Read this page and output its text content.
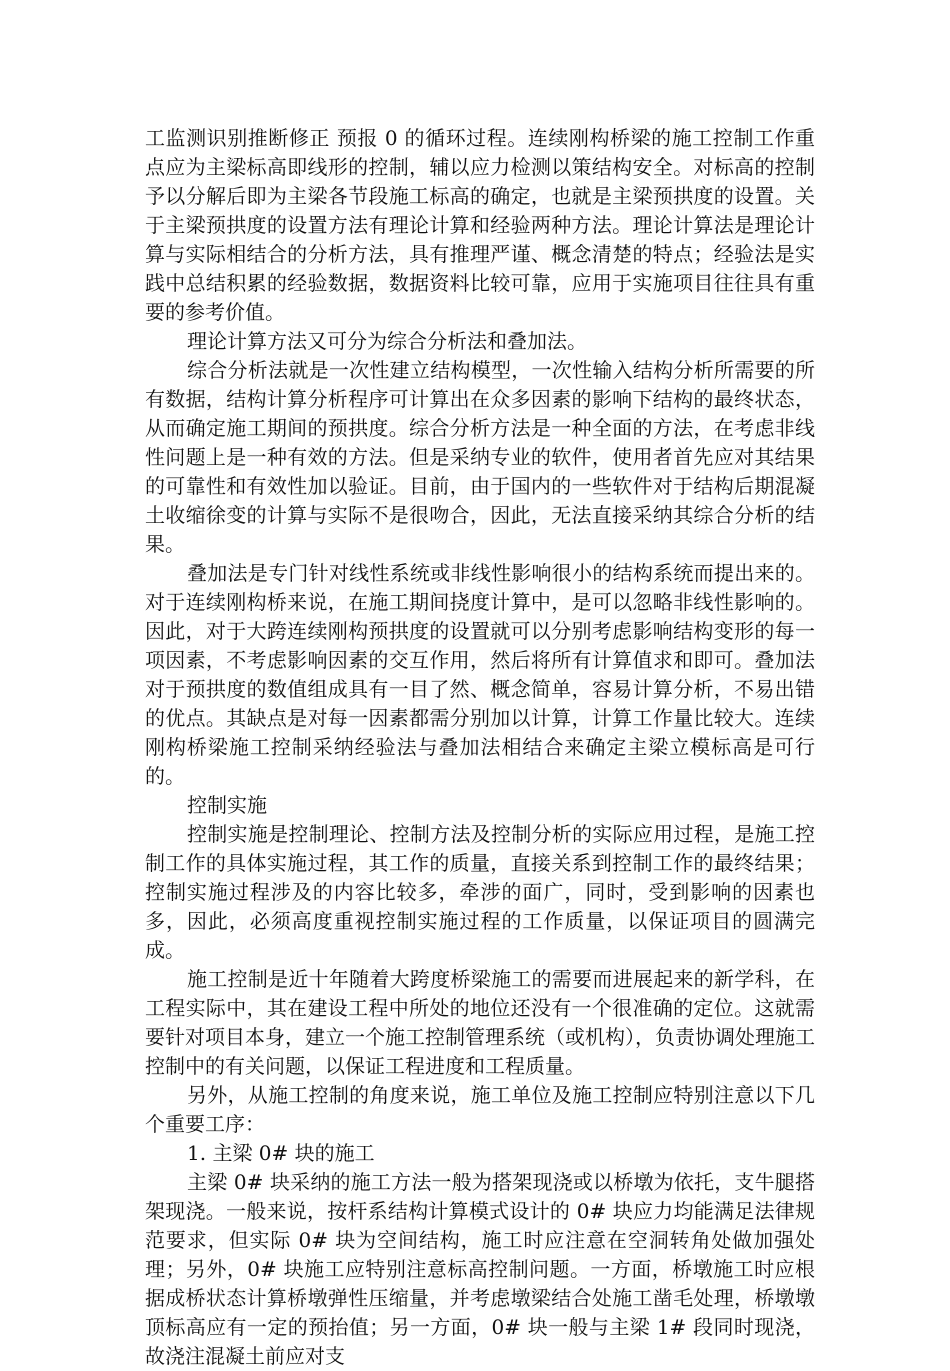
工监测识别推断修正 预报 0 的循环过程。连续刚构桥梁的施工控制工作重点应为主梁标高即线形的控制，辅以应力检测以策结构安全。对标高的控制予以分解后即为主梁各节段施工标高的确定，也就是主梁预拱度的设置。关于主梁预拱度的设置方法有理论计算和经验两种方法。理论计算法是理论计算与实际相结合的分析方法，具有推理严谨、概念清楚的特点；经验法是实践中总结积累的经验数据，数据资料比较可靠，应用于实施项目往往具有重要的参考价值。

理论计算方法又可分为综合分析法和叠加法。

综合分析法就是一次性建立结构模型，一次性输入结构分析所需要的所有数据，结构计算分析程序可计算出在众多因素的影响下结构的最终状态，从而确定施工期间的预拱度。综合分析方法是一种全面的方法，在考虑非线性问题上是一种有效的方法。但是采纳专业的软件，使用者首先应对其结果的可靠性和有效性加以验证。目前，由于国内的一些软件对于结构后期混凝土收缩徐变的计算与实际不是很吻合，因此，无法直接采纳其综合分析的结果。

叠加法是专门针对线性系统或非线性影响很小的结构系统而提出来的。对于连续刚构桥来说，在施工期间挠度计算中，是可以忽略非线性影响的。因此，对于大跨连续刚构预拱度的设置就可以分别考虑影响结构变形的每一项因素，不考虑影响因素的交互作用，然后将所有计算值求和即可。叠加法对于预拱度的数值组成具有一目了然、概念简单，容易计算分析，不易出错的优点。其缺点是对每一因素都需分别加以计算，计算工作量比较大。连续刚构桥梁施工控制采纳经验法与叠加法相结合来确定主梁立模标高是可行的。

控制实施

控制实施是控制理论、控制方法及控制分析的实际应用过程，是施工控制工作的具体实施过程，其工作的质量，直接关系到控制工作的最终结果；控制实施过程涉及的内容比较多，牵涉的面广，同时，受到影响的因素也多，因此，必须高度重视控制实施过程的工作质量，以保证项目的圆满完成。

施工控制是近十年随着大跨度桥梁施工的需要而进展起来的新学科，在工程实际中，其在建设工程中所处的地位还没有一个很准确的定位。这就需要针对项目本身，建立一个施工控制管理系统（或机构），负责协调处理施工控制中的有关问题，以保证工程进度和工程质量。

另外，从施工控制的角度来说，施工单位及施工控制应特别注意以下几个重要工序：

1. 主梁 0# 块的施工

主梁 0# 块采纳的施工方法一般为搭架现浇或以桥墩为依托，支牛腿搭架现浇。一般来说，按杆系结构计算模式设计的 0# 块应力均能满足法律规范要求，但实际 0# 块为空间结构，施工时应注意在空洞转角处做加强处理；另外，0# 块施工应特别注意标高控制问题。一方面，桥墩施工时应根据成桥状态计算桥墩弹性压缩量，并考虑墩梁结合处施工凿毛处理，桥墩墩顶标高应有一定的预抬值；另一方面，0# 块一般与主梁 1# 段同时现浇，故浇注混凝土前应对支
